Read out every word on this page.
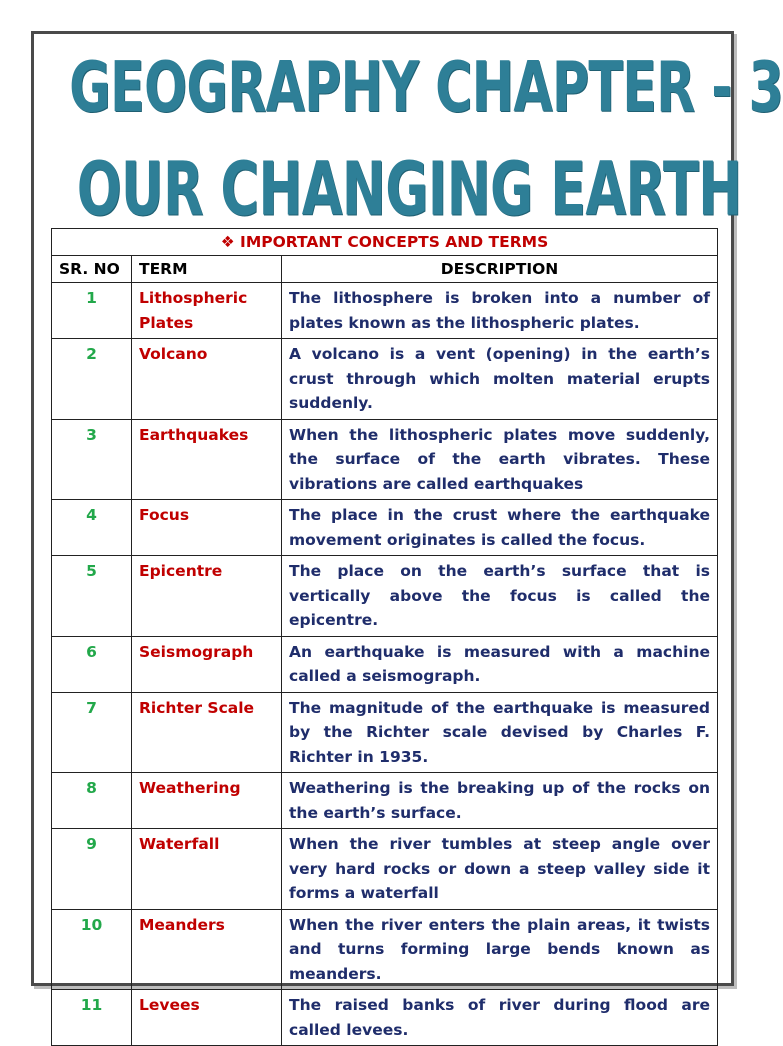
GEOGRAPHY CHAPTER - 3
OUR CHANGING EARTH
❖ IMPORTANT CONCEPTS AND TERMS		
SR. NO	TERM	DESCRIPTION
1	Lithospheric Plates	The lithosphere is broken into a number of plates known as the lithospheric plates.
2	Volcano	A volcano is a vent (opening) in the earth’s crust through which molten material erupts suddenly.
3	Earthquakes	When the lithospheric plates move suddenly, the surface of the earth vibrates. These vibrations are called earthquakes
4	Focus	The place in the crust where the earthquake movement originates is called the focus.
5	Epicentre	The place on the earth’s surface that is vertically above the focus is called the epicentre.
6	Seismograph	An earthquake is measured with a machine called a seismograph.
7	Richter Scale	The magnitude of the earthquake is measured by the Richter scale devised by Charles F. Richter in 1935.
8	Weathering	Weathering is the breaking up of the rocks on the earth’s surface.
9	Waterfall	When the river tumbles at steep angle over very hard rocks or down a steep valley side it forms a waterfall
10	Meanders	When the river enters the plain areas, it twists and turns forming large bends known as meanders.
11	Levees	The raised banks of river during flood are called levees.
